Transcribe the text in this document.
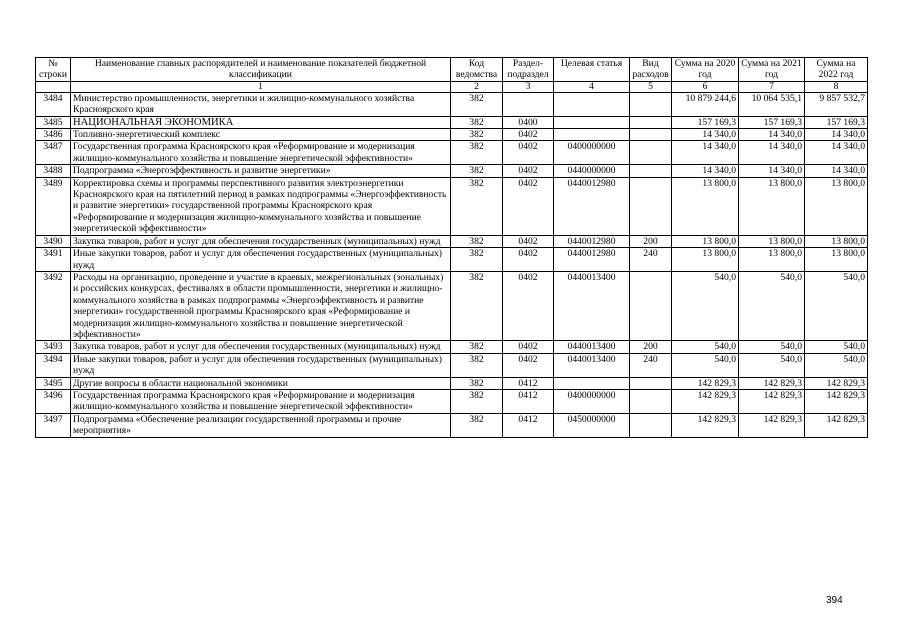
№ строки	Наименование главных распорядителей и наименование показателей бюджетной классификации	Код ведомства	Раздел-подраздел	Целевая статья	Вид расходов	Сумма на 2020 год	Сумма на 2021 год	Сумма на 2022 год
	1	2	3	4	5	6	7	8
3484	Министерство промышленности, энергетики и жилищно-коммунального хозяйства Красноярского края	382				10 879 244,6	10 064 535,1	9 857 532,7
3485	НАЦИОНАЛЬНАЯ ЭКОНОМИКА	382	0400			157 169,3	157 169,3	157 169,3
3486	Топливно-энергетический комплекс	382	0402			14 340,0	14 340,0	14 340,0
3487	Государственная программа Красноярского края «Реформирование и модернизация жилищно-коммунального хозяйства и повышение энергетической эффективности»	382	0402	0400000000		14 340,0	14 340,0	14 340,0
3488	Подпрограмма «Энергоэффективность и развитие энергетики»	382	0402	0440000000		14 340,0	14 340,0	14 340,0
3489	Корректировка схемы и программы перспективного развития электроэнергетики Красноярского края на пятилетний период в рамках подпрограммы «Энергоэффективность и развитие энергетики» государственной программы Красноярского края «Реформирование и модернизация жилищно-коммунального хозяйства и повышение энергетической эффективности»	382	0402	0440012980		13 800,0	13 800,0	13 800,0
3490	Закупка товаров, работ и услуг для обеспечения государственных (муниципальных) нужд	382	0402	0440012980	200	13 800,0	13 800,0	13 800,0
3491	Иные закупки товаров, работ и услуг для обеспечения государственных (муниципальных) нужд	382	0402	0440012980	240	13 800,0	13 800,0	13 800,0
3492	Расходы на организацию, проведение и участие в краевых, межрегиональных (зональных) и российских конкурсах, фестивалях в области промышленности, энергетики и жилищно-коммунального хозяйства в рамках подпрограммы «Энергоэффективность и развитие энергетики» государственной программы Красноярского края «Реформирование и модернизация жилищно-коммунального хозяйства и повышение энергетической эффективности»	382	0402	0440013400		540,0	540,0	540,0
3493	Закупка товаров, работ и услуг для обеспечения государственных (муниципальных) нужд	382	0402	0440013400	200	540,0	540,0	540,0
3494	Иные закупки товаров, работ и услуг для обеспечения государственных (муниципальных) нужд	382	0402	0440013400	240	540,0	540,0	540,0
3495	Другие вопросы в области национальной экономики	382	0412			142 829,3	142 829,3	142 829,3
3496	Государственная программа Красноярского края «Реформирование и модернизация жилищно-коммунального хозяйства и повышение энергетической эффективности»	382	0412	0400000000		142 829,3	142 829,3	142 829,3
3497	Подпрограмма «Обеспечение реализации государственной программы и прочие мероприятия»	382	0412	0450000000		142 829,3	142 829,3	142 829,3
394
